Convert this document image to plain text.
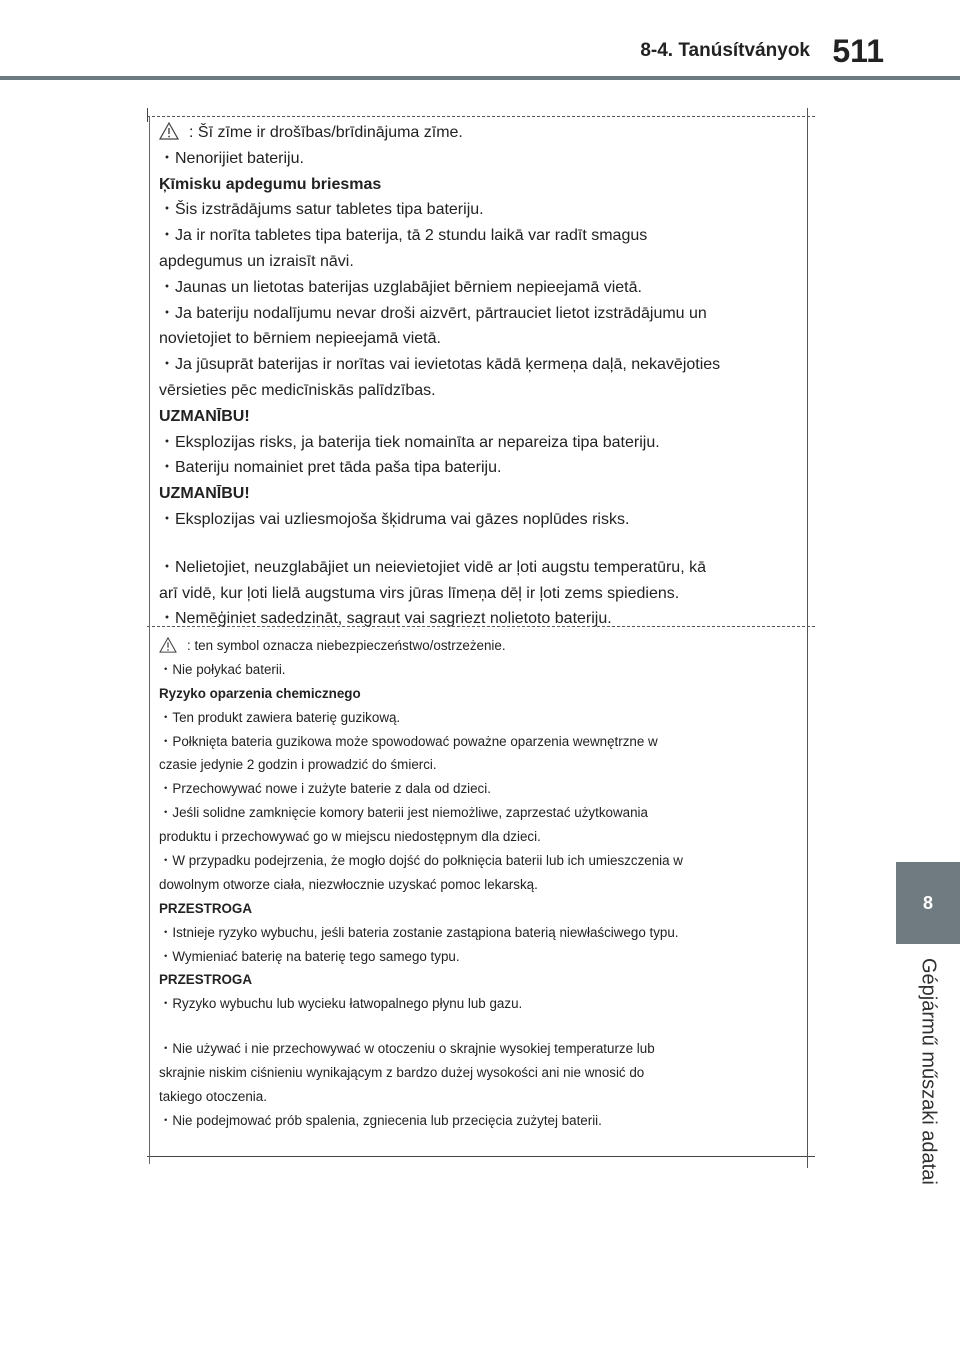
8-4. Tanúsítványok 511
8
Gépjármű műszaki adatai
: Šī zīme ir drošības/brīdinājuma zīme.
・Nenorijiet bateriju.
Ķīmisku apdegumu briesmas
・Šis izstrādājums satur tabletes tipa bateriju.
・Ja ir norīta tabletes tipa baterija, tā 2 stundu laikā var radīt smagus
apdegumus un izraisīt nāvi.
・Jaunas un lietotas baterijas uzglabājiet bērniem nepieejamā vietā.
・Ja bateriju nodalījumu nevar droši aizvērt, pārtrauciet lietot izstrādājumu un
novietojiet to bērniem nepieejamā vietā.
・Ja jūsuprāt baterijas ir norītas vai ievietotas kādā ķermeņa daļā, nekavējoties
vērsieties pēc medicīniskās palīdzības.
UZMANĪBU!
・Eksplozijas risks, ja baterija tiek nomainīta ar nepareiza tipa bateriju.
・Bateriju nomainiet pret tāda paša tipa bateriju.
UZMANĪBU!
・Eksplozijas vai uzliesmojoša šķidruma vai gāzes noplūdes risks.
・Nelietojiet, neuzglabājiet un neievietojiet vidē ar ļoti augstu temperatūru, kā
arī vidē, kur ļoti lielā augstuma virs jūras līmeņa dēļ ir ļoti zems spiediens.
・Nemēģiniet sadedzināt, sagraut vai sagriezt nolietoto bateriju.
: ten symbol oznacza niebezpieczeństwo/ostrzeżenie.
・Nie połykać baterii.
Ryzyko oparzenia chemicznego
・Ten produkt zawiera baterię guzikową.
・Połknięta bateria guzikowa może spowodować poważne oparzenia wewnętrzne w
czasie jedynie 2 godzin i prowadzić do śmierci.
・Przechowywać nowe i zużyte baterie z dala od dzieci.
・Jeśli solidne zamknięcie komory baterii jest niemożliwe, zaprzestać użytkowania
produktu i przechowywać go w miejscu niedostępnym dla dzieci.
・W przypadku podejrzenia, że mogło dojść do połknięcia baterii lub ich umieszczenia w
dowolnym otworze ciała, niezwłocznie uzyskać pomoc lekarską.
PRZESTROGA
・Istnieje ryzyko wybuchu, jeśli bateria zostanie zastąpiona baterią niewłaściwego typu.
・Wymieniać baterię na baterię tego samego typu.
PRZESTROGA
・Ryzyko wybuchu lub wycieku łatwopalnego płynu lub gazu.
・Nie używać i nie przechowywać w otoczeniu o skrajnie wysokiej temperaturze lub
skrajnie niskim ciśnieniu wynikającym z bardzo dużej wysokości ani nie wnosić do
takiego otoczenia.
・Nie podejmować prób spalenia, zgniecenia lub przecięcia zużytej baterii.
